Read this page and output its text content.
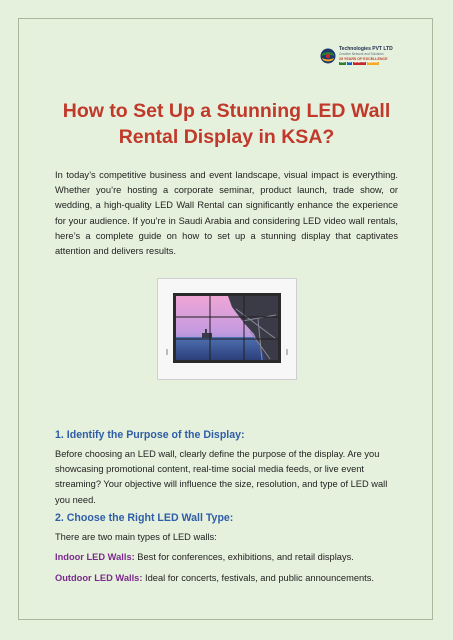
Technologies PVT LTD
Creative Network and Solutions
25 YEARS OF EXCELLENCE
LED	AV	EVENTS	RENTAL
How to Set Up a Stunning LED Wall Rental Display in KSA?

In today’s competitive business and event landscape, visual impact is everything. Whether you’re hosting a corporate seminar, product launch, trade show, or wedding, a high-quality LED Wall Rental can significantly enhance the experience for your audience. If you’re in Saudi Arabia and considering LED video wall rentals, here’s a complete guide on how to set up a stunning display that captivates attention and delivers results.

1. Identify the Purpose of the Display:

Before choosing an LED wall, clearly define the purpose of the display. Are you showcasing promotional content, real-time social media feeds, or live event streaming? Your objective will influence the size, resolution, and type of LED wall you need.

2. Choose the Right LED Wall Type:

There are two main types of LED walls:

Indoor LED Walls: Best for conferences, exhibitions, and retail displays.

Outdoor LED Walls: Ideal for concerts, festivals, and public announcements.
